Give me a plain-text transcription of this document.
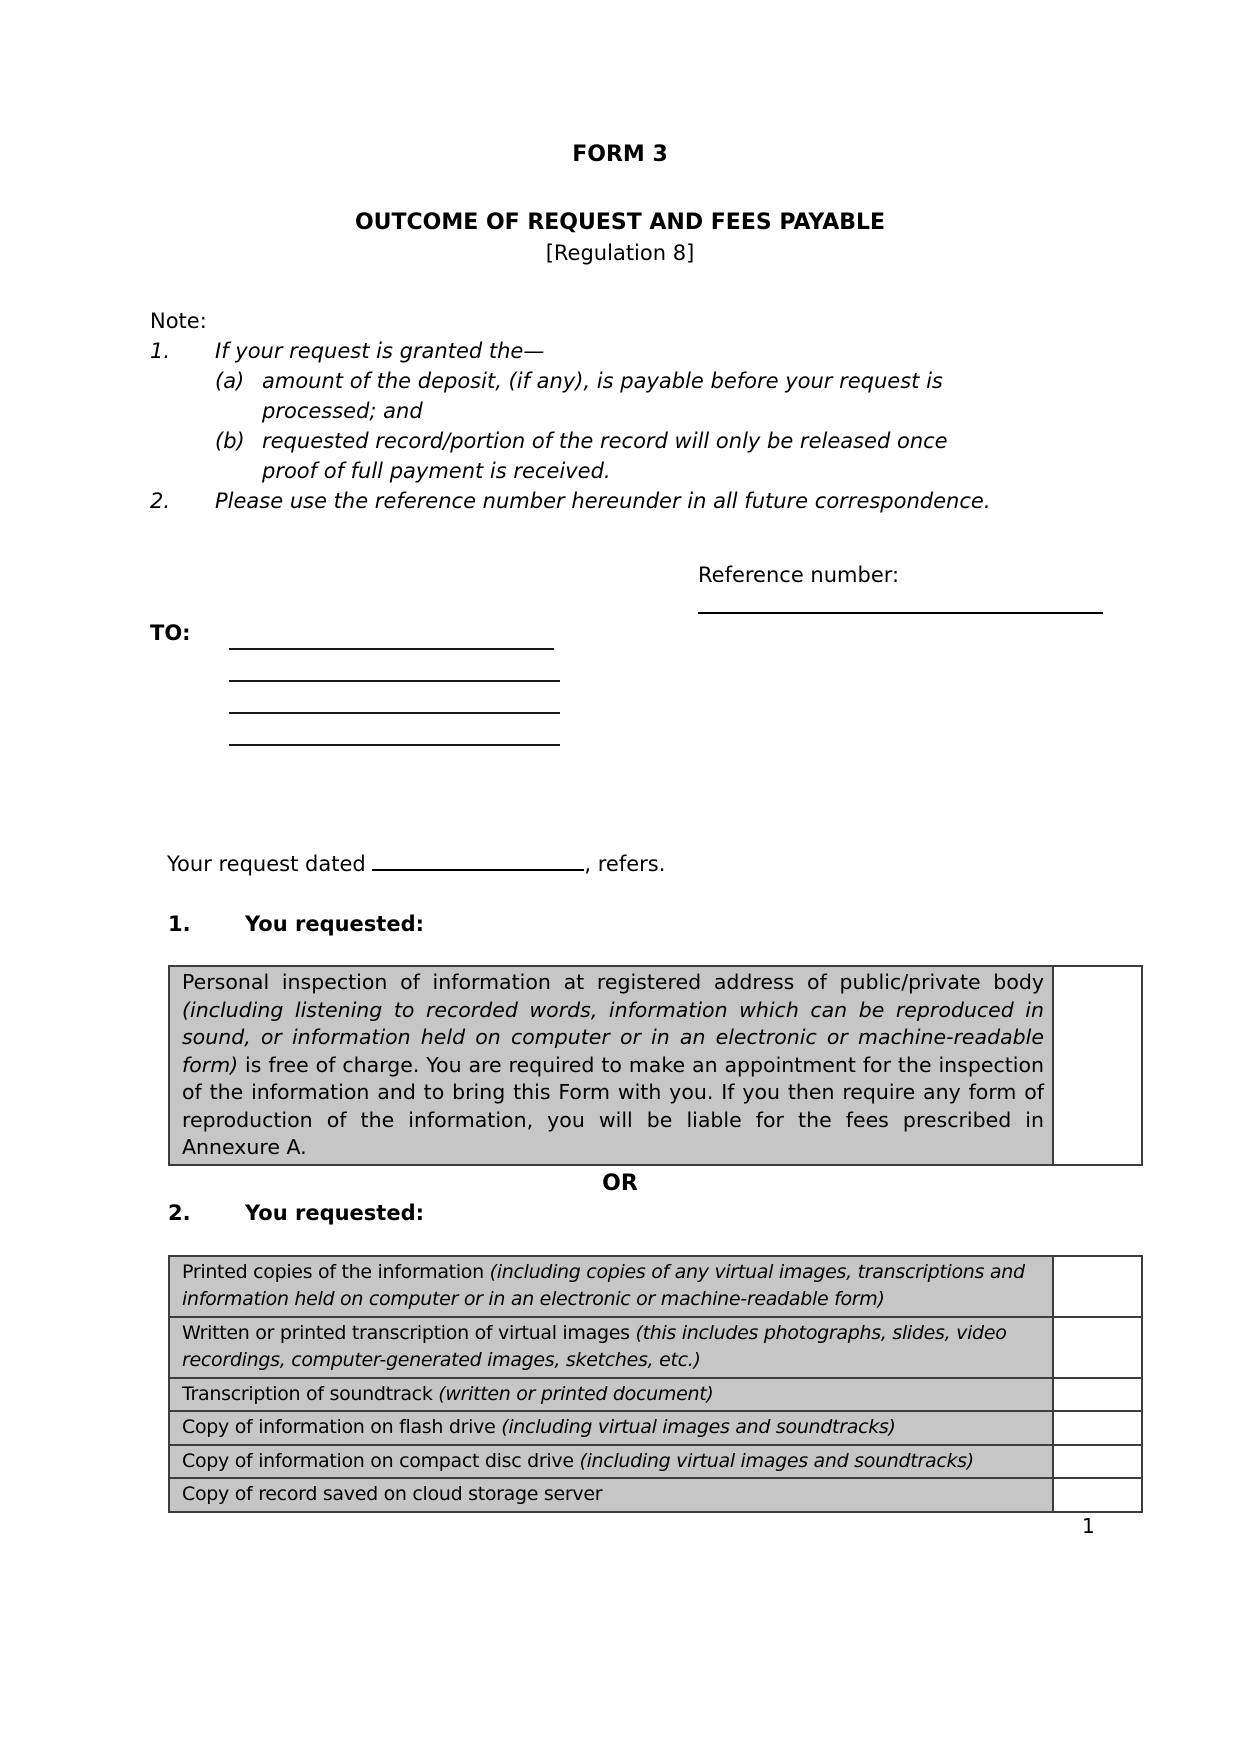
FORM 3
OUTCOME OF REQUEST AND FEES PAYABLE
[Regulation 8]
Note:
1.	If your request is granted the—
(a) amount of the deposit, (if any), is payable before your request is processed; and
(b) requested record/portion of the record will only be released once proof of full payment is received.
2.	Please use the reference number hereunder in all future correspondence.
Reference number:
TO:
Your request dated	, refers.
1.	You requested:
Personal inspection of information at registered address of public/private body (including listening to recorded words, information which can be reproduced in sound, or information held on computer or in an electronic or machine-readable form) is free of charge. You are required to make an appointment for the inspection of the information and to bring this Form with you. If you then require any form of reproduction of the information, you will be liable for the fees prescribed in Annexure A.
OR
2.	You requested:
Printed copies of the information (including copies of any virtual images, transcriptions and information held on computer or in an electronic or machine-readable form)
Written or printed transcription of virtual images (this includes photographs, slides, video recordings, computer-generated images, sketches, etc.)
Transcription of soundtrack (written or printed document)
Copy of information on flash drive (including virtual images and soundtracks)
Copy of information on compact disc drive (including virtual images and soundtracks)
Copy of record saved on cloud storage server
1
